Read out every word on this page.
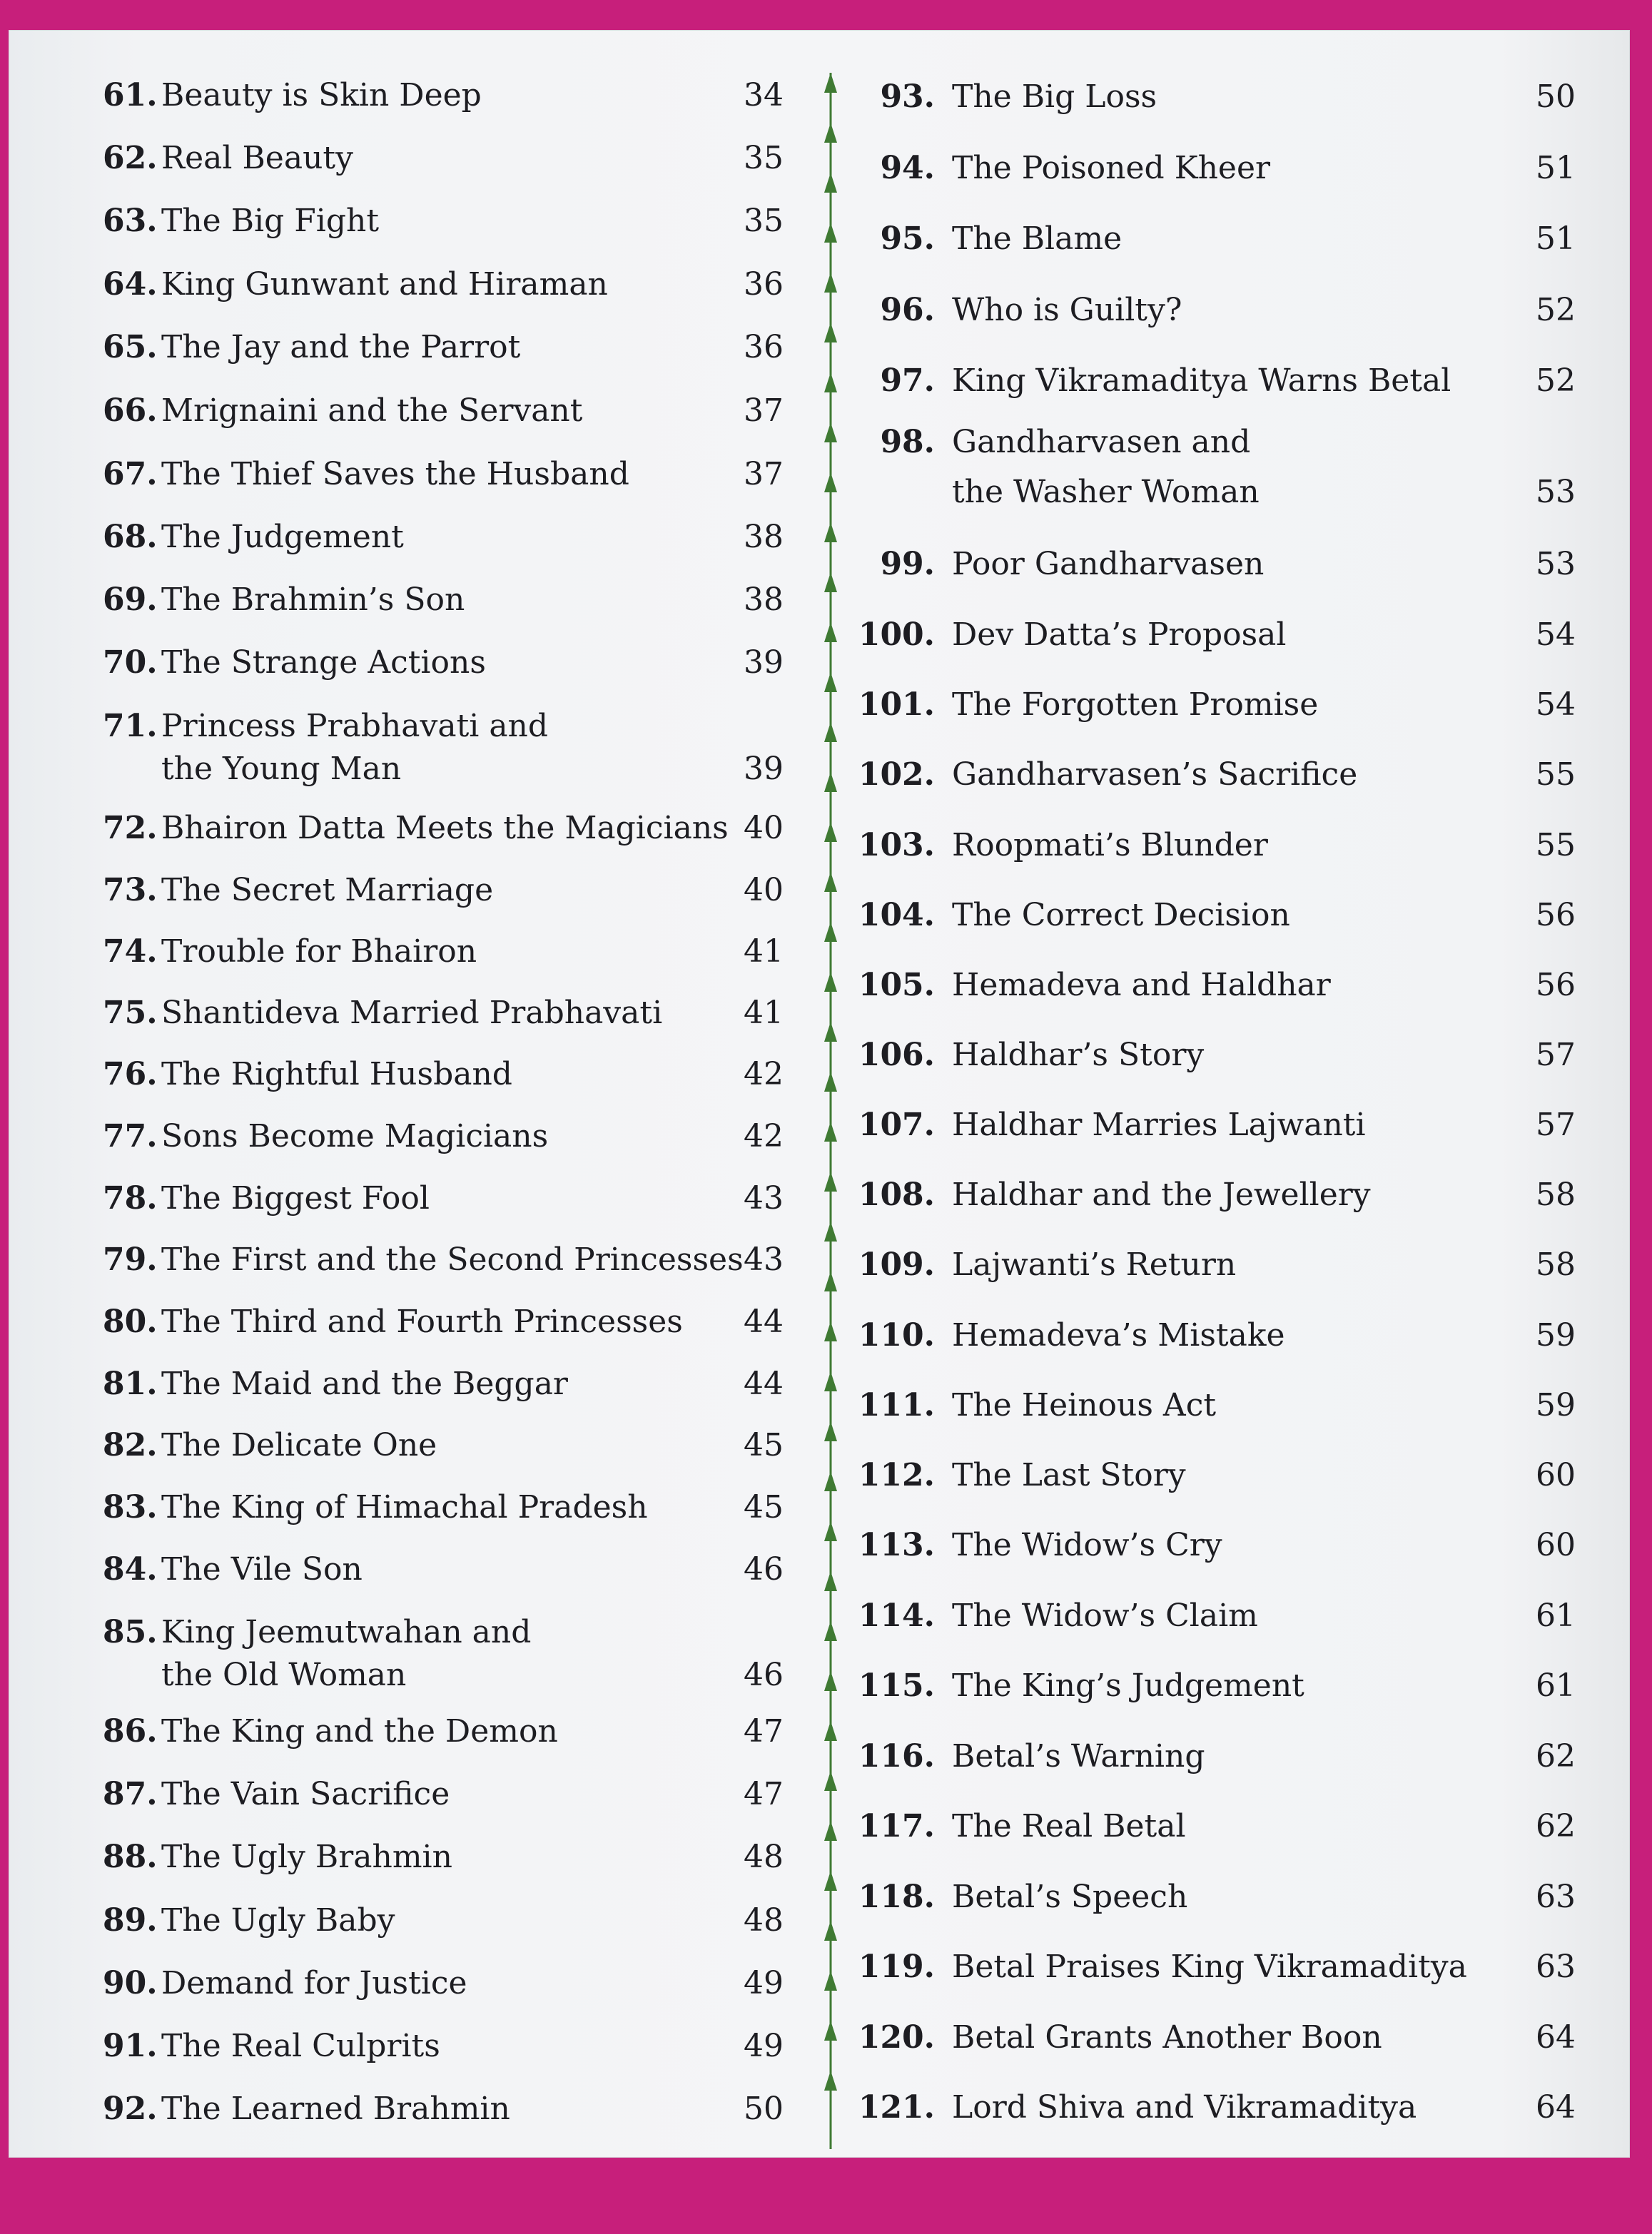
61. Beauty is Skin Deep	34
62. Real Beauty	35
63. The Big Fight	35
64. King Gunwant and Hiraman	36
65. The Jay and the Parrot	36
66. Mrignaini and the Servant	37
67. The Thief Saves the Husband	37
68. The Judgement	38
69. The Brahmin’s Son	38
70. The Strange Actions	39
71. Princess Prabhavati and
the Young Man	39
72. Bhairon Datta Meets the Magicians 40
73. The Secret Marriage	40
74. Trouble for Bhairon	41
75. Shantideva Married Prabhavati	41
76. The Rightful Husband	42
77. Sons Become Magicians	42
78. The Biggest Fool	43
79. The First and the Second Princesses 43
80. The Third and Fourth Princesses	44
81. The Maid and the Beggar	44
82. The Delicate One	45
83. The King of Himachal Pradesh	45
84. The Vile Son	46
85. King Jeemutwahan and
the Old Woman	46
86. The King and the Demon	47
87. The Vain Sacrifice	47
88. The Ugly Brahmin	48
89. The Ugly Baby	48
90. Demand for Justice	49
91. The Real Culprits	49
92. The Learned Brahmin	50
93. The Big Loss	50
94. The Poisoned Kheer	51
95. The Blame	51
96. Who is Guilty?	52
97. King Vikramaditya Warns Betal	52
98. Gandharvasen and
the Washer Woman	53
99. Poor Gandharvasen	53
100. Dev Datta’s Proposal	54
101. The Forgotten Promise	54
102. Gandharvasen’s Sacrifice	55
103. Roopmati’s Blunder	55
104. The Correct Decision	56
105. Hemadeva and Haldhar	56
106. Haldhar’s Story	57
107. Haldhar Marries Lajwanti	57
108. Haldhar and the Jewellery	58
109. Lajwanti’s Return	58
110. Hemadeva’s Mistake	59
111. The Heinous Act	59
112. The Last Story	60
113. The Widow’s Cry	60
114. The Widow’s Claim	61
115. The King’s Judgement	61
116. Betal’s Warning	62
117. The Real Betal	62
118. Betal’s Speech	63
119. Betal Praises King Vikramaditya	63
120. Betal Grants Another Boon	64
121. Lord Shiva and Vikramaditya	64
